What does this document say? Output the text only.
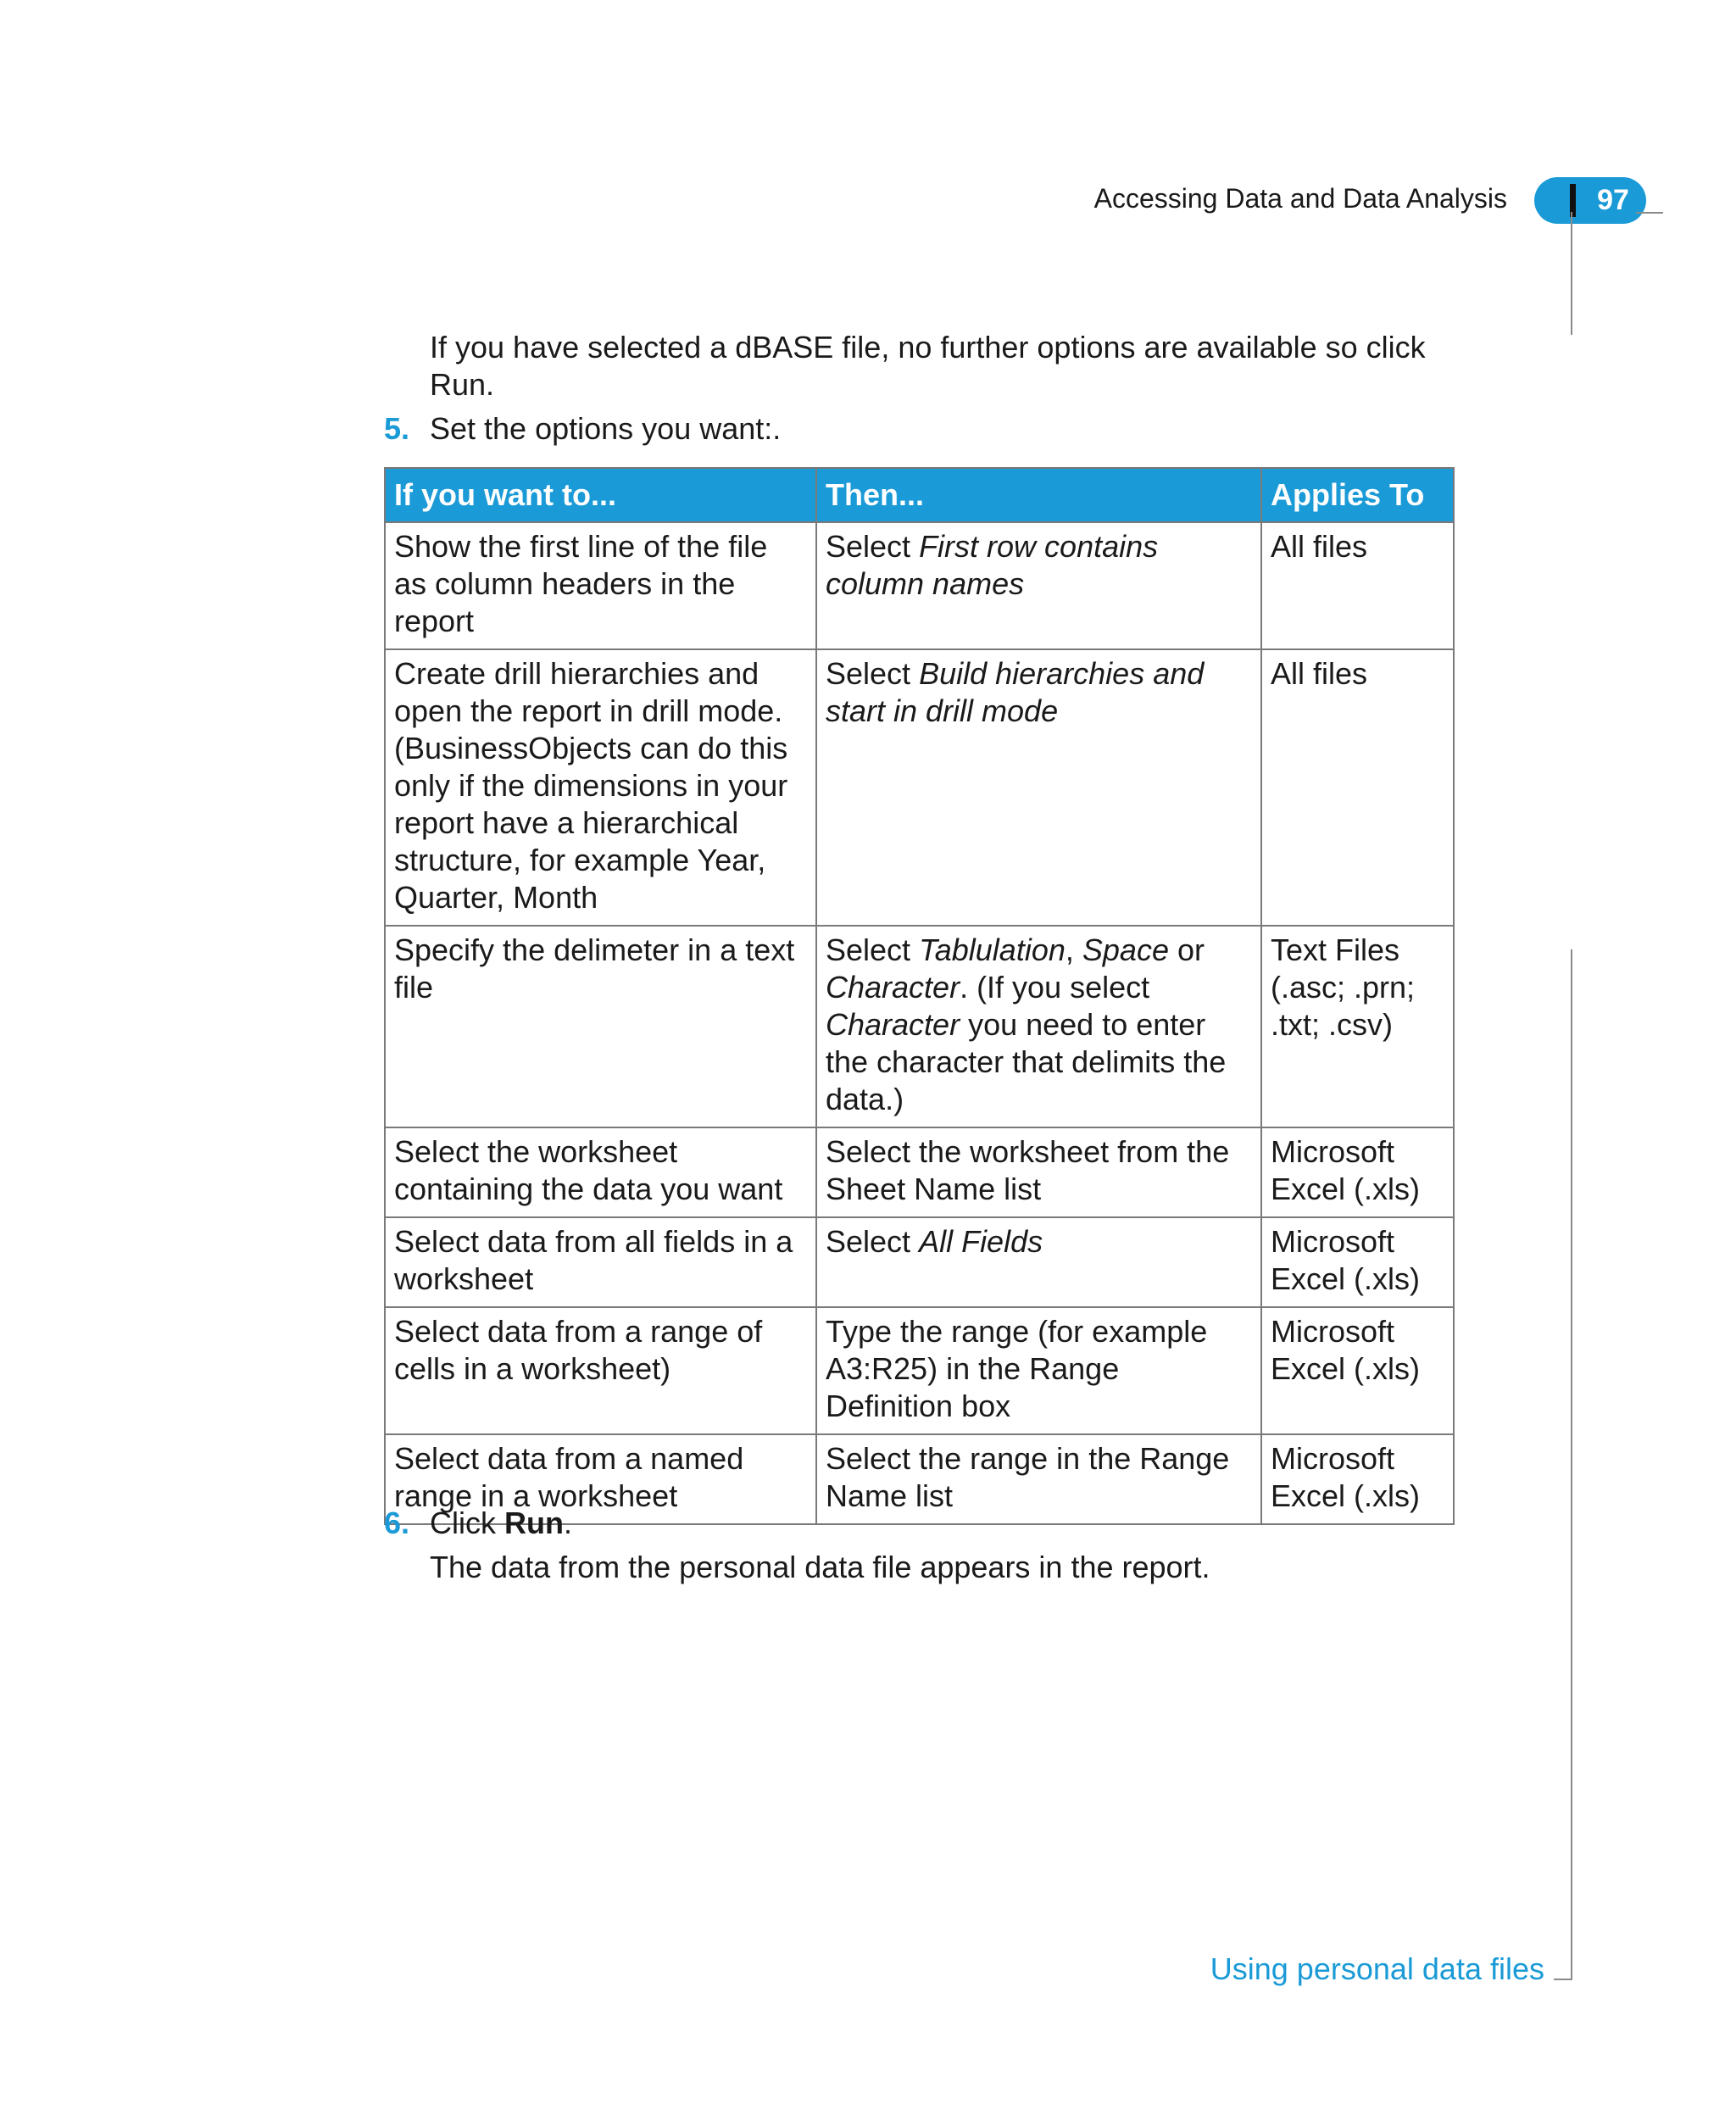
Accessing Data and Data Analysis	97
If you have selected a dBASE file, no further options are available so click Run.
5. Set the options you want:.
If you want to...	Then...	Applies To
Show the first line of the file as column headers in the report	Select First row contains column names	All files
Create drill hierarchies and open the report in drill mode. (BusinessObjects can do this only if the dimensions in your report have a hierarchical structure, for example Year, Quarter, Month	Select Build hierarchies and start in drill mode	All files
Specify the delimeter in a text file	Select Tablulation, Space or Character. (If you select Character you need to enter the character that delimits the data.)	Text Files (.asc; .prn; .txt; .csv)
Select the worksheet containing the data you want	Select the worksheet from the Sheet Name list	Microsoft Excel (.xls)
Select data from all fields in a worksheet	Select All Fields	Microsoft Excel (.xls)
Select data from a range of cells in a worksheet)	Type the range (for example A3:R25) in the Range Definition box	Microsoft Excel (.xls)
Select data from a named range in a worksheet	Select the range in the Range Name list	Microsoft Excel (.xls)
6. Click Run.
The data from the personal data file appears in the report.
Using personal data files
